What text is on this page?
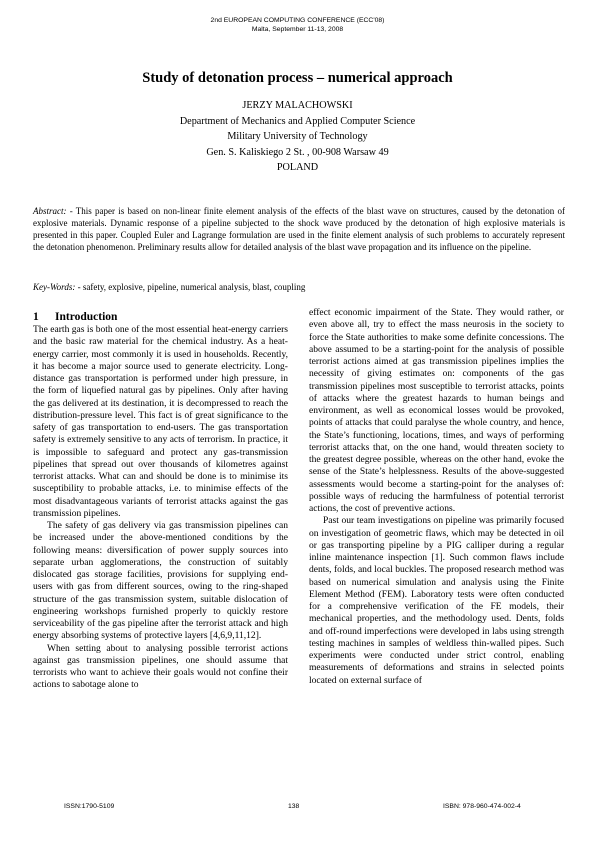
2nd EUROPEAN COMPUTING CONFERENCE (ECC'08)
Malta, September 11-13, 2008
Study of detonation process – numerical approach
JERZY MALACHOWSKI
Department of Mechanics and Applied Computer Science
Military University of Technology
Gen. S. Kaliskiego 2 St. , 00-908 Warsaw 49
POLAND

Abstract: - This paper is based on non-linear finite element analysis of the effects of the blast wave on structures, caused by the detonation of explosive materials. Dynamic response of a pipeline subjected to the shock wave produced by the detonation of high explosive materials is presented in this paper. Coupled Euler and Lagrange formulation are used in the finite element analysis of such problems to accurately represent the detonation phenomenon. Preliminary results allow for detailed analysis of the blast wave propagation and its influence on the pipeline.

Key-Words: - safety, explosive, pipeline, numerical analysis, blast, coupling

1 Introduction

The earth gas is both one of the most essential heat-energy carriers and the basic raw material for the chemical industry. As a heat-energy carrier, most commonly it is used in households. Recently, it has become a major source used to generate electricity. Long-distance gas transportation is performed under high pressure, in the form of liquefied natural gas by pipelines. Only after having the gas delivered at its destination, it is decompressed to reach the distribution-pressure level. This fact is of great significance to the safety of gas transportation to end-users. The gas transportation safety is extremely sensitive to any acts of terrorism. In practice, it is impossible to safeguard and protect any gas-transmission pipelines that spread out over thousands of kilometres against terrorist attacks. What can and should be done is to minimise its susceptibility to probable attacks, i.e. to minimise effects of the most disadvantageous variants of terrorist attacks against the gas transmission pipelines.

The safety of gas delivery via gas transmission pipelines can be increased under the above-mentioned conditions by the following means: diversification of power supply sources into separate urban agglomerations, the construction of suitably dislocated gas storage facilities, provisions for supplying end-users with gas from different sources, owing to the ring-shaped structure of the gas transmission system, suitable dislocation of engineering workshops furnished properly to quickly restore serviceability of the gas pipeline after the terrorist attack and high energy absorbing systems of protective layers [4,6,9,11,12].

When setting about to analysing possible terrorist actions against gas transmission pipelines, one should assume that terrorists who want to achieve their goals would not confine their actions to sabotage alone to

effect economic impairment of the State. They would rather, or even above all, try to effect the mass neurosis in the society to force the State authorities to make some definite concessions. The above assumed to be a starting-point for the analysis of possible terrorist actions aimed at gas transmission pipelines implies the necessity of giving estimates on: components of the gas transmission pipelines most susceptible to terrorist attacks, points of attacks where the greatest hazards to human beings and environment, as well as economical losses would be provoked, points of attacks that could paralyse the whole country, and hence, the State’s functioning, locations, times, and ways of performing terrorist attacks that, on the one hand, would threaten society to the greatest degree possible, whereas on the other hand, evoke the sense of the State’s helplessness. Results of the above-suggested assessments would become a starting-point for the analyses of: possible ways of reducing the harmfulness of potential terrorist actions, the cost of preventive actions.

Past our team investigations on pipeline was primarily focused on investigation of geometric flaws, which may be detected in oil or gas transporting pipeline by a PIG calliper during a regular inline maintenance inspection [1]. Such common flaws include dents, folds, and local buckles. The proposed research method was based on numerical simulation and analysis using the Finite Element Method (FEM). Laboratory tests were often conducted for a comprehensive verification of the FE models, their mechanical properties, and the methodology used. Dents, folds and off-round imperfections were developed in labs using strength testing machines in samples of weldless thin-walled pipes. Such experiments were conducted under strict control, enabling measurements of deformations and strains in selected points located on external surface of

ISSN:1790-5109	138	ISBN: 978-960-474-002-4
